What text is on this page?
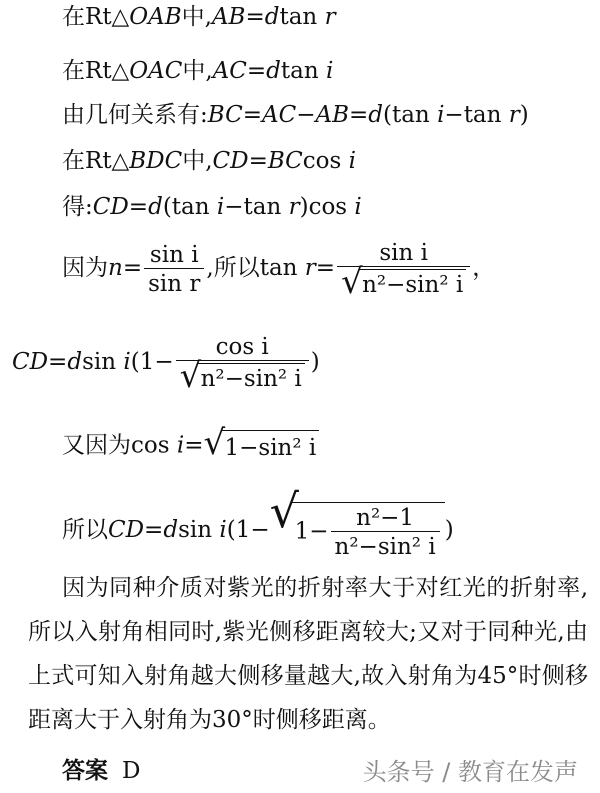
在Rt△OAB中,AB=dtan r
在Rt△OAC中,AC=dtan i
由几何关系有:BC=AC−AB=d(tan i−tan r)
在Rt△BDC中,CD=BCcos i
得:CD=d(tan i−tan r)cos i
因为$n= \frac{\text{sin i}}{\text{sin r}}$ ,所以$\tan r= \frac{\text{sin i}}{\text{√ n²−sin² i}}$ ，
CD=dsin $i(1- \frac{\text{cos i}}{\text{√ n²−sin² i}}$ )
又因为cos i= √ 1−sin² i
所以CD=dsin i(1− √
$1- \frac{\text{n²−1}}{\text{n²−sin² i}}$ )
因为同种介质对紫光的折射率大于对红光的折射率,所以入射角相同时,紫光侧移距离较大;又对于同种光,由上式可知入射角越大侧移量越大,故入射角为45°时侧移距离大于入射角为30°时侧移距离。
答案 D	头条号 / 教育在发声
